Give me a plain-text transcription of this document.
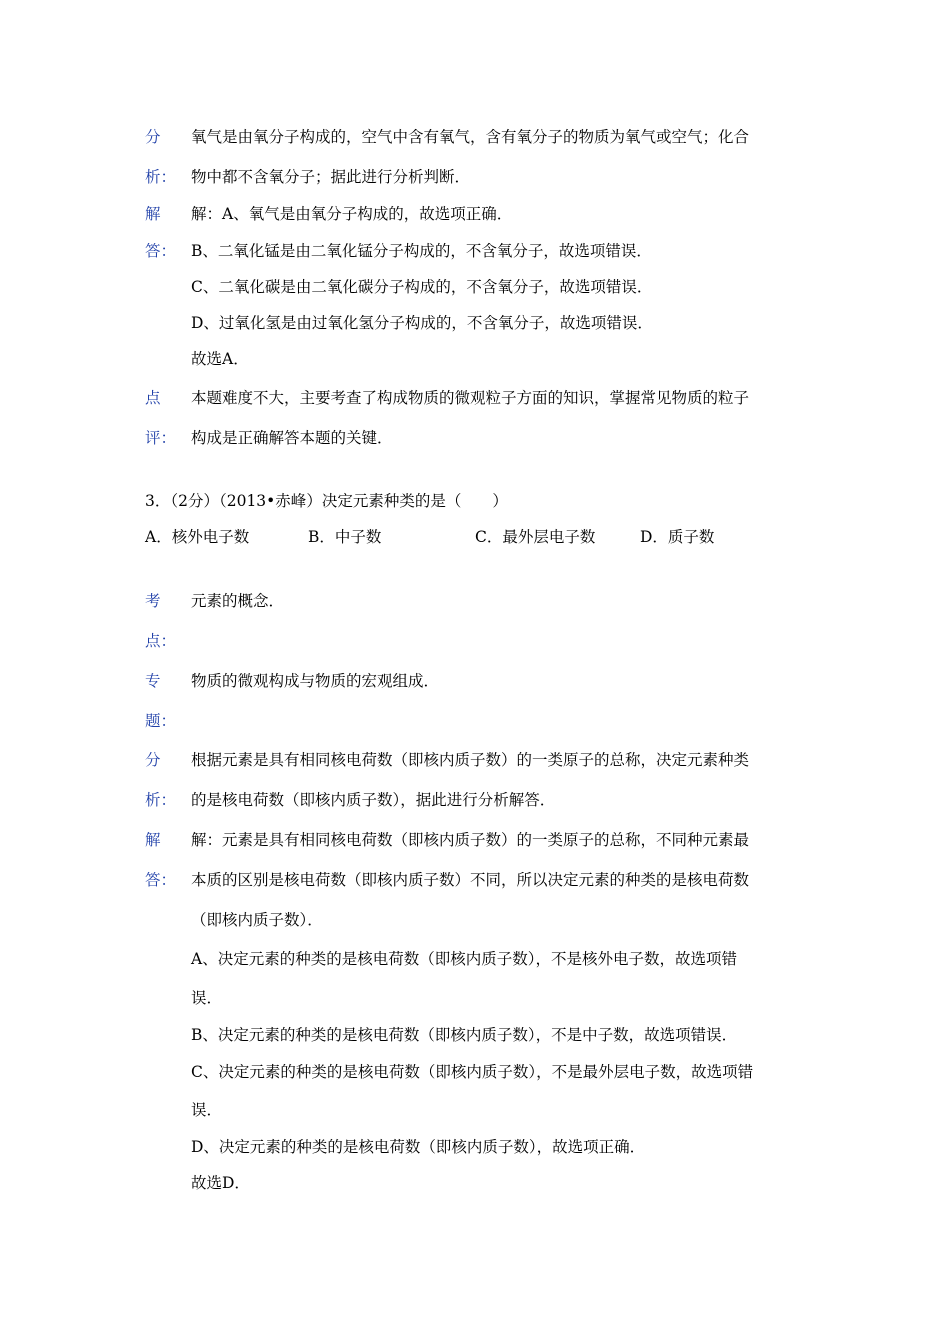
分	氧气是由氧分子构成的，空气中含有氧气，含有氧分子的物质为氧气或空气；化合
析： 物中都不含氧分子；据此进行分析判断．
解	解：A、氧气是由氧分子构成的，故选项正确．
答： B、二氧化锰是由二氧化锰分子构成的，不含氧分子，故选项错误．
C、二氧化碳是由二氧化碳分子构成的，不含氧分子，故选项错误．
D、过氧化氢是由过氧化氢分子构成的，不含氧分子，故选项错误．
故选A．
点	本题难度不大，主要考查了构成物质的微观粒子方面的知识，掌握常见物质的粒子
评： 构成是正确解答本题的关键．
3．（2分）（2013•赤峰）决定元素种类的是（　　）
A．核外电子数	B．中子数	C．最外层电子数	D．质子数
考	元素的概念．
点：
专	物质的微观构成与物质的宏观组成．
题：
分	根据元素是具有相同核电荷数（即核内质子数）的一类原子的总称，决定元素种类
析： 的是核电荷数（即核内质子数），据此进行分析解答．
解	解：元素是具有相同核电荷数（即核内质子数）的一类原子的总称，不同种元素最
答： 本质的区别是核电荷数（即核内质子数）不同，所以决定元素的种类的是核电荷数
（即核内质子数）．
A、决定元素的种类的是核电荷数（即核内质子数），不是核外电子数，故选项错
误．
B、决定元素的种类的是核电荷数（即核内质子数），不是中子数，故选项错误．
C、决定元素的种类的是核电荷数（即核内质子数），不是最外层电子数，故选项错
误．
D、决定元素的种类的是核电荷数（即核内质子数），故选项正确．
故选D．
